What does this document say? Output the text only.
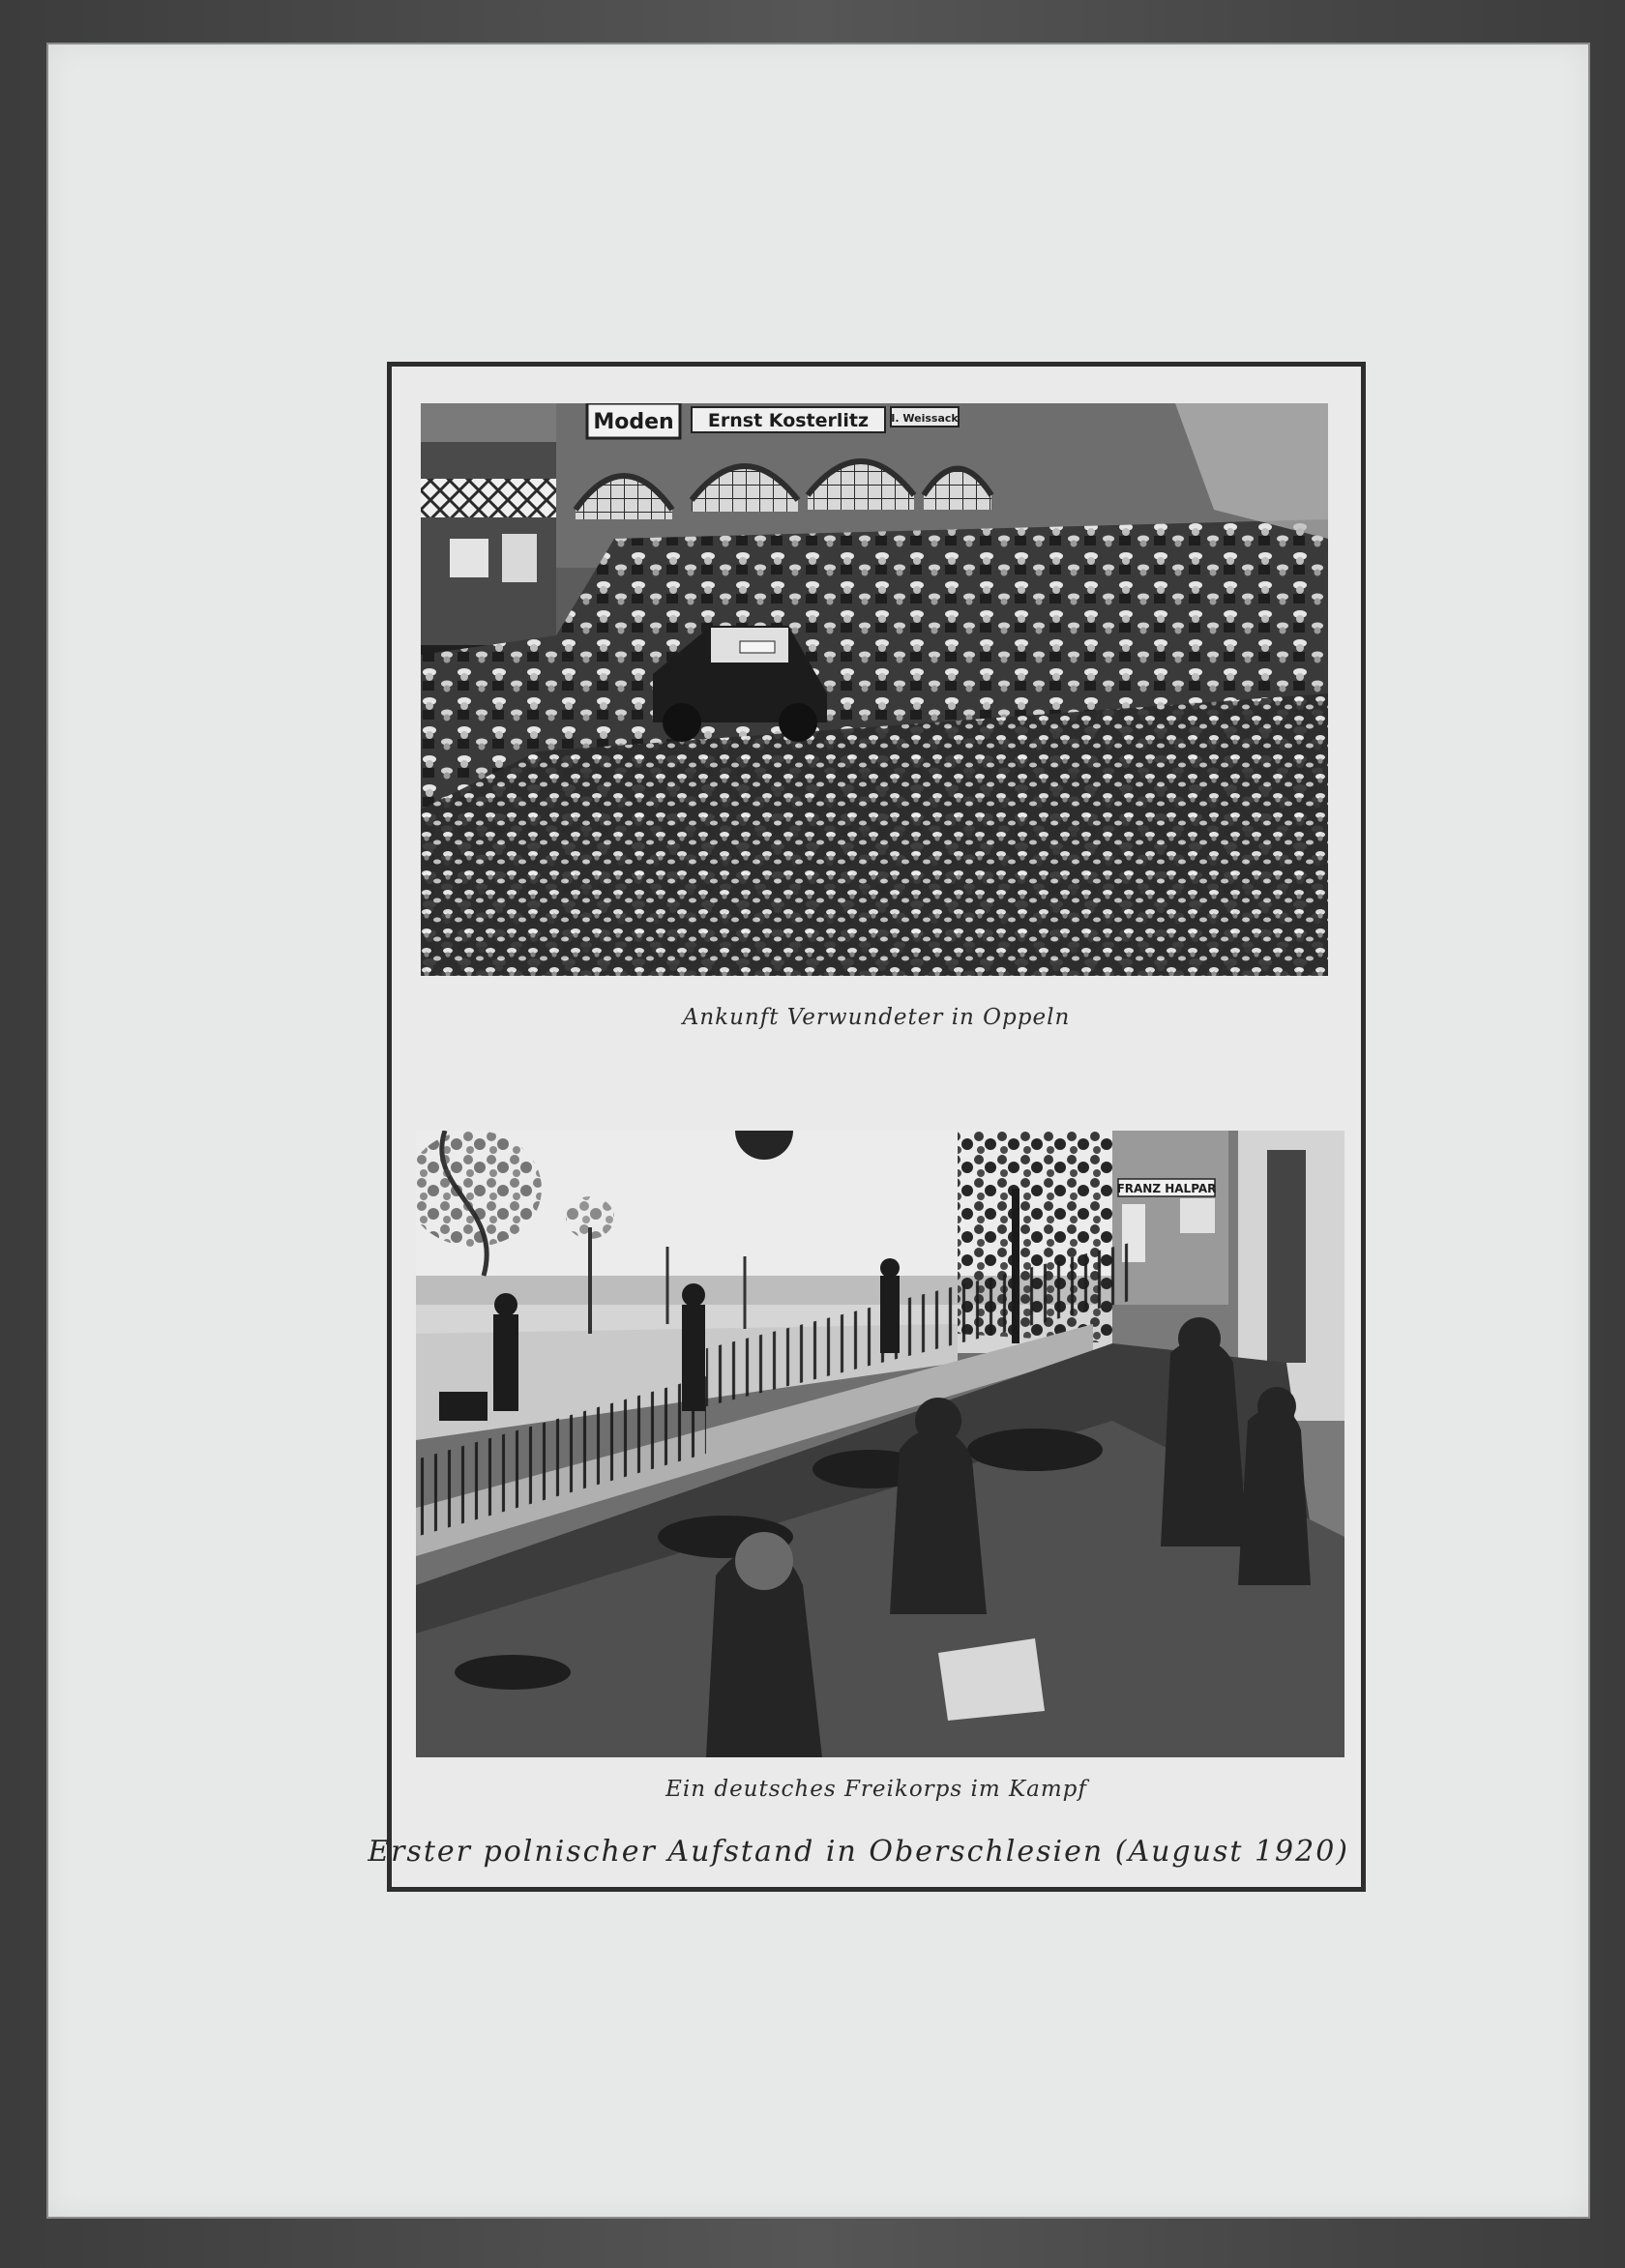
Moden Ernst Kosterlitz I. Weissack
Ankunft Verwundeter in Oppeln
FRANZ HALPAR
Ein deutsches Freikorps im Kampf
Erster polnischer Aufstand in Oberschlesien (August 1920)
